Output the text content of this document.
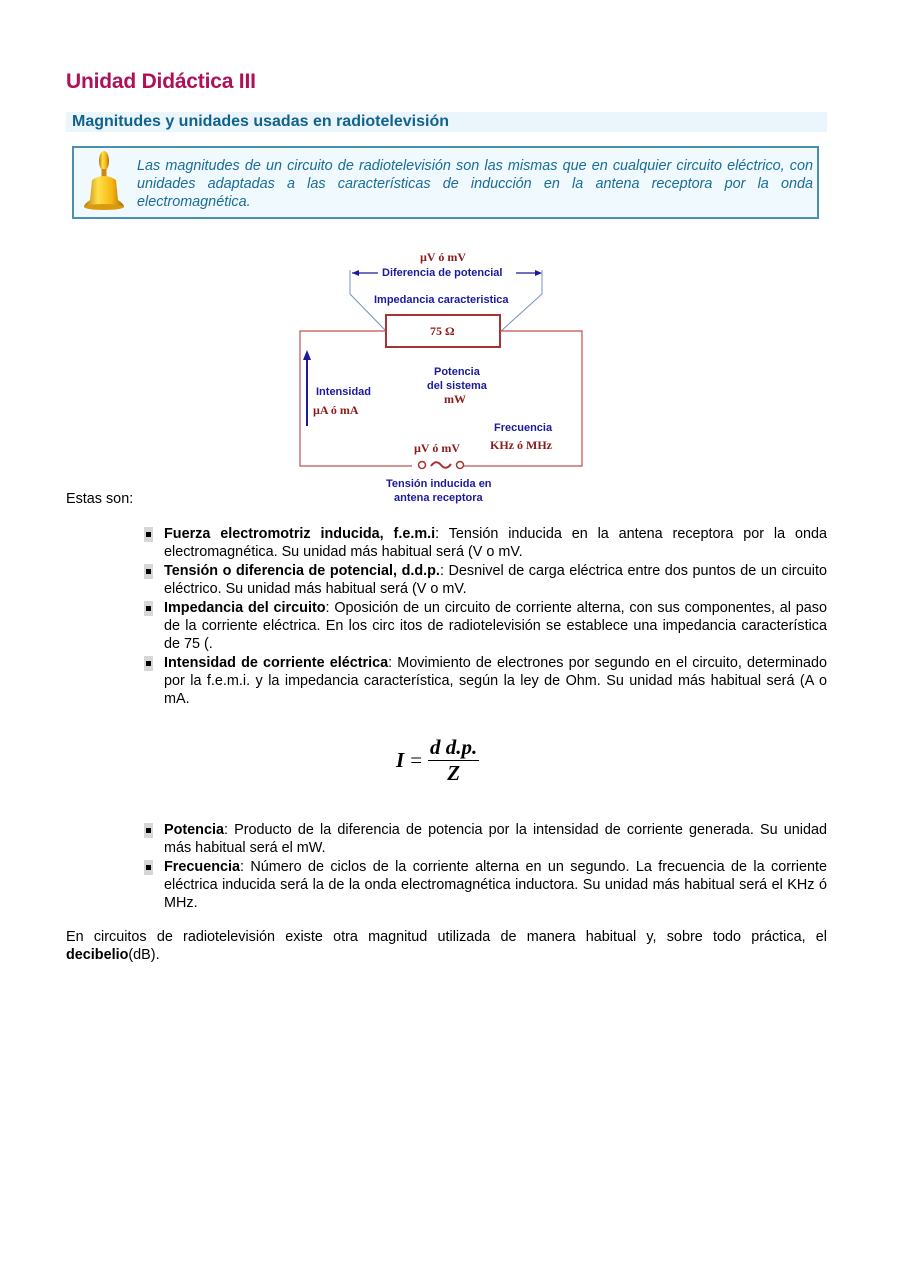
Unidad Didáctica III
Magnitudes y unidades usadas en radiotelevisión
Las magnitudes de un circuito de radiotelevisión son las mismas que en cualquier circuito eléctrico, con unidades adaptadas a las características de inducción en la antena receptora por la onda electromagnética.
µV ó mV
Diferencia de potencial
Impedancia caracteristica
75 Ω
Intensidad
µA ó mA
Potencia
del sistema
mW
Frecuencia
KHz ó MHz
µV ó mV
Tensión inducida en
antena receptora
Estas son:
Fuerza electromotriz inducida, f.e.m.i: Tensión inducida en la antena receptora por la onda electromagnética. Su unidad más habitual será (V o mV.
Tensión o diferencia de potencial, d.d.p.: Desnivel de carga eléctrica entre dos puntos de un circuito eléctrico. Su unidad más habitual será (V o mV.
Impedancia del circuito: Oposición de un circuito de corriente alterna, con sus componentes, al paso de la corriente eléctrica. En los circ itos de radiotelevisión se establece una impedancia característica de 75 (.
Intensidad de corriente eléctrica: Movimiento de electrones por segundo en el circuito, determinado por la f.e.m.i. y la impedancia característica, según la ley de Ohm. Su unidad más habitual será (A o mA.
$I = \frac{\text{d d.p.}}{Z}$
Potencia: Producto de la diferencia de potencia por la intensidad de corriente generada. Su unidad más habitual será el mW.
Frecuencia: Número de ciclos de la corriente alterna en un segundo. La frecuencia de la corriente eléctrica inducida será la de la onda electromagnética inductora. Su unidad más habitual será el KHz ó MHz.
En circuitos de radiotelevisión existe otra magnitud utilizada de manera habitual y, sobre todo práctica, el decibelio(dB).
